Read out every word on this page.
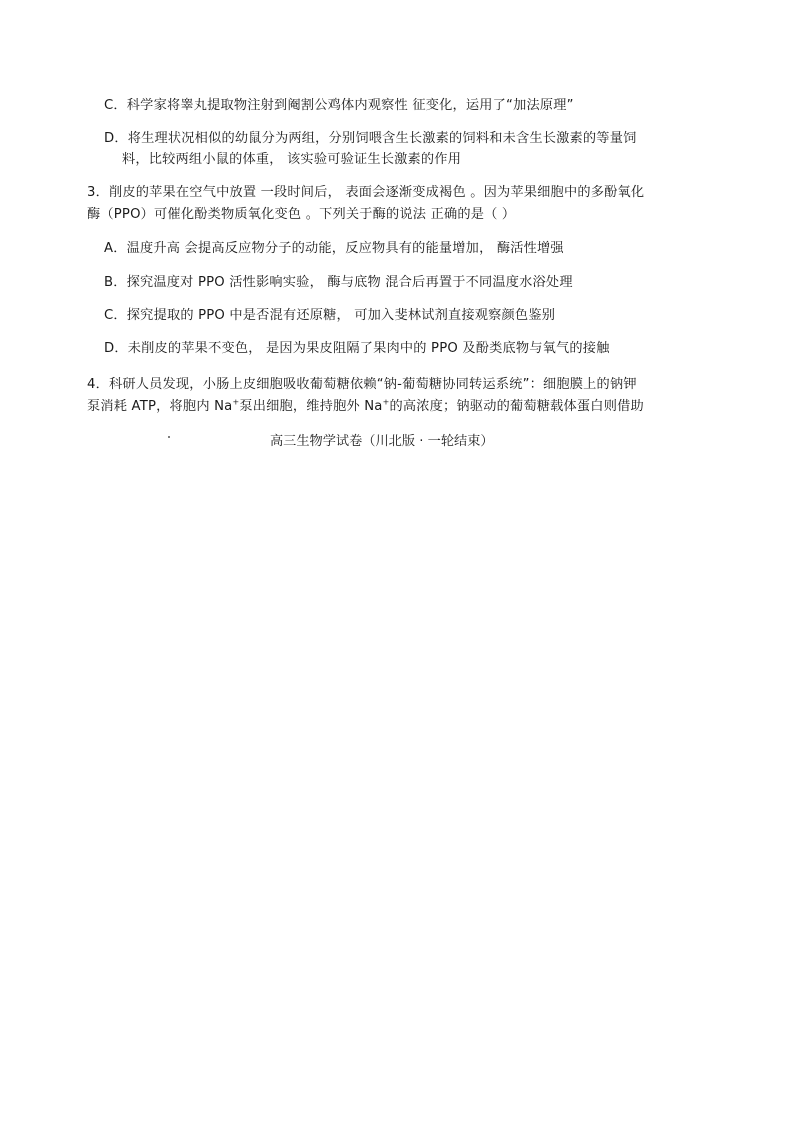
C．科学家将睾丸提取物注射到阉割公鸡体内观察性 征变化，运用了“加法原理”
D．将生理状况相似的幼鼠分为两组，分别饲喂含生长激素的饲料和未含生长激素的等量饲
料，比较两组小鼠的体重， 该实验可验证生长激素的作用
3．削皮的苹果在空气中放置 一段时间后， 表面会逐渐变成褐色 。因为苹果细胞中的多酚氧化
酶（PPO）可催化酚类物质氧化变色 。下列关于酶的说法 正确的是（ ）
A．温度升高 会提高反应物分子的动能，反应物具有的能量增加， 酶活性增强
B．探究温度对 PPO 活性影响实验， 酶与底物 混合后再置于不同温度水浴处理
C．探究提取的 PPO 中是否混有还原糖， 可加入斐林试剂直接观察颜色鉴别
D．未削皮的苹果不变色， 是因为果皮阻隔了果肉中的 PPO 及酚类底物与氧气的接触
4．科研人员发现，小肠上皮细胞吸收葡萄糖依赖“钠-葡萄糖协同转运系统”：细胞膜上的钠钾
泵消耗 ATP，将胞内 Na+泵出细胞，维持胞外 Na+的高浓度；钠驱动的葡萄糖载体蛋白则借助
高三生物学试卷（川北版 · 一轮结束）
